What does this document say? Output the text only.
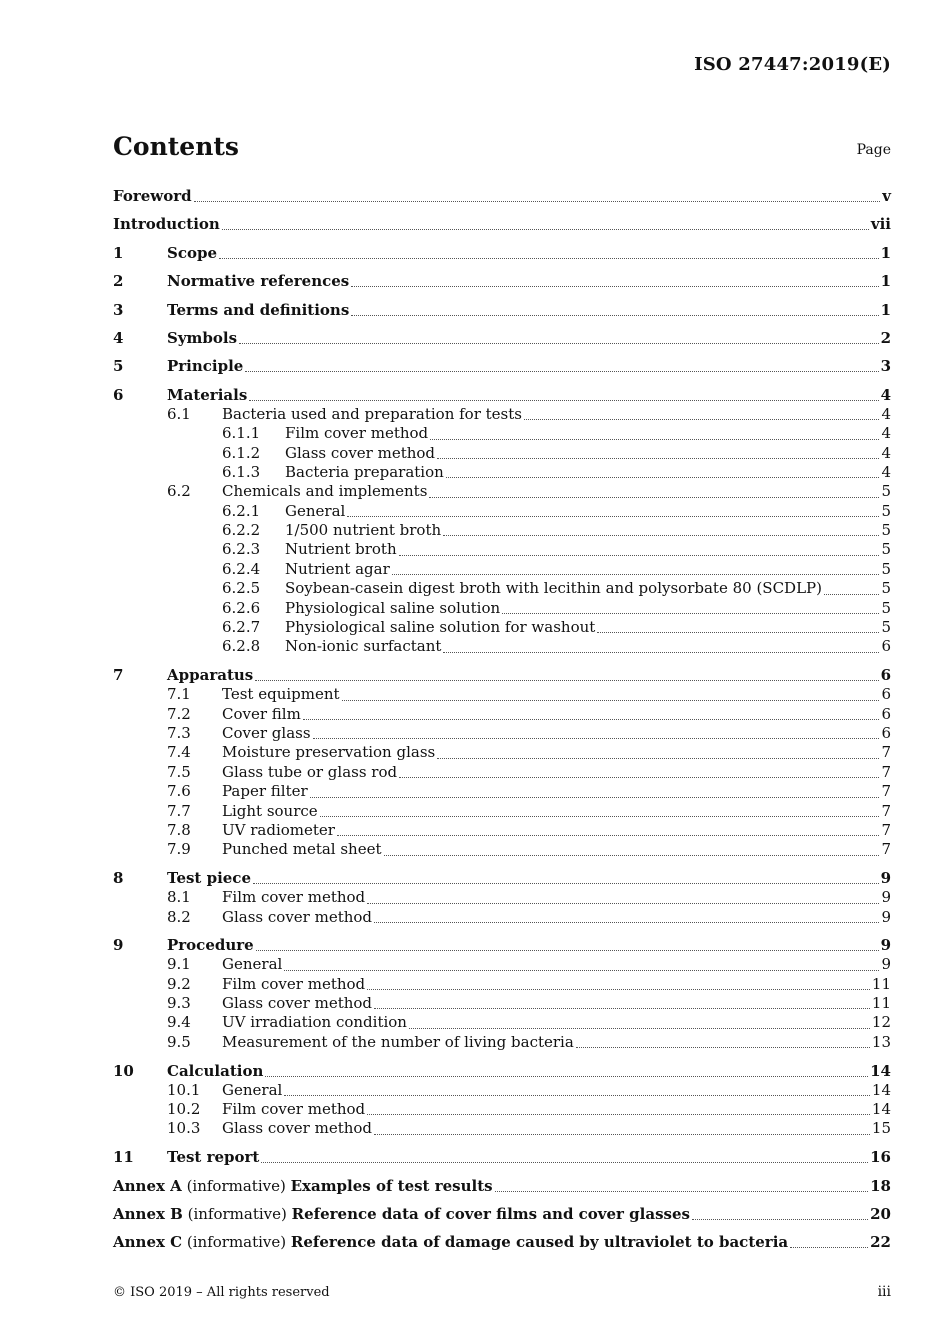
ISO 27447:2019(E)
Contents	Page
Foreword	v
Introduction	vii
1	Scope	1
2	Normative references	1
3	Terms and definitions	1
4	Symbols	2
5	Principle	3
6	Materials	4
6.1	Bacteria used and preparation for tests	4
6.1.1	Film cover method	4
6.1.2	Glass cover method	4
6.1.3	Bacteria preparation	4
6.2	Chemicals and implements	5
6.2.1	General	5
6.2.2	1/500 nutrient broth	5
6.2.3	Nutrient broth	5
6.2.4	Nutrient agar	5
6.2.5	Soybean-casein digest broth with lecithin and polysorbate 80 (SCDLP)	5
6.2.6	Physiological saline solution	5
6.2.7	Physiological saline solution for washout	5
6.2.8	Non-ionic surfactant	6
7	Apparatus	6
7.1	Test equipment	6
7.2	Cover film	6
7.3	Cover glass	6
7.4	Moisture preservation glass	7
7.5	Glass tube or glass rod	7
7.6	Paper filter	7
7.7	Light source	7
7.8	UV radiometer	7
7.9	Punched metal sheet	7
8	Test piece	9
8.1	Film cover method	9
8.2	Glass cover method	9
9	Procedure	9
9.1	General	9
9.2	Film cover method	11
9.3	Glass cover method	11
9.4	UV irradiation condition	12
9.5	Measurement of the number of living bacteria	13
10	Calculation	14
10.1	General	14
10.2	Film cover method	14
10.3	Glass cover method	15
11	Test report	16
Annex A (informative) Examples of test results	18
Annex B (informative) Reference data of cover films and cover glasses	20
Annex C (informative) Reference data of damage caused by ultraviolet to bacteria	22
© ISO 2019 – All rights reserved	iii
